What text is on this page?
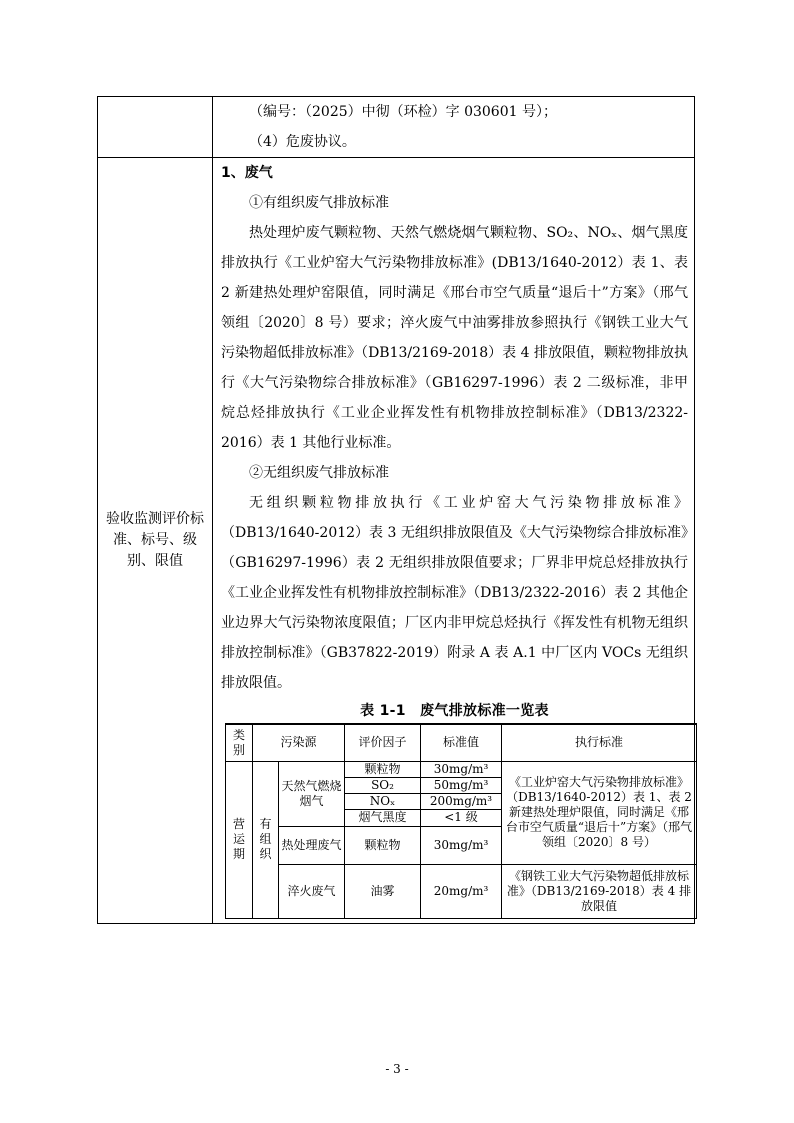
（编号：（2025）中彻（环检）字 030601 号）；

（4）危废协议。

验收监测评价标准、标号、级别、限值	

1、废气

①有组织废气排放标准

热处理炉废气颗粒物、天然气燃烧烟气颗粒物、SO₂、NOₓ、烟气黑度排放执行《工业炉窑大气污染物排放标准》(DB13/1640-2012）表 1、表 2 新建热处理炉窑限值，同时满足《邢台市空气质量“退后十”方案》（邢气领组〔2020〕8 号）要求；淬火废气中油雾排放参照执行《钢铁工业大气污染物超低排放标准》（DB13/2169-2018）表 4 排放限值，颗粒物排放执行《大气污染物综合排放标准》（GB16297-1996）表 2 二级标准，非甲烷总烃排放执行《工业企业挥发性有机物排放控制标准》（DB13/2322-2016）表 1 其他行业标准。

②无组织废气排放标准

无组织颗粒物排放执行《工业炉窑大气污染物排放标准》（DB13/1640-2012）表 3 无组织排放限值及《大气污染物综合排放标准》（GB16297-1996）表 2 无组织排放限值要求；厂界非甲烷总烃排放执行《工业企业挥发性有机物排放控制标准》（DB13/2322-2016）表 2 其他企业边界大气污染物浓度限值；厂区内非甲烷总烃执行《挥发性有机物无组织排放控制标准》（GB37822-2019）附录 A 表 A.1 中厂区内 VOCs 无组织排放限值。

表 1-1　废气排放标准一览表
类别	污染源	评价因子	标准值	执行标准
营运期	有组织	天然气燃烧烟气	颗粒物	30mg/m³	《工业炉窑大气污染物排放标准》（DB13/1640-2012）表 1、表 2 新建热处理炉限值，同时满足《邢台市空气质量“退后十”方案》（邢气领组〔2020〕8 号）
SO₂	50mg/m³
NOₓ	200mg/m³
烟气黑度	<1 级
热处理废气	颗粒物	30mg/m³
淬火废气	油雾	20mg/m³	《钢铁工业大气污染物超低排放标准》（DB13/2169-2018）表 4 排放限值
- 3 -
